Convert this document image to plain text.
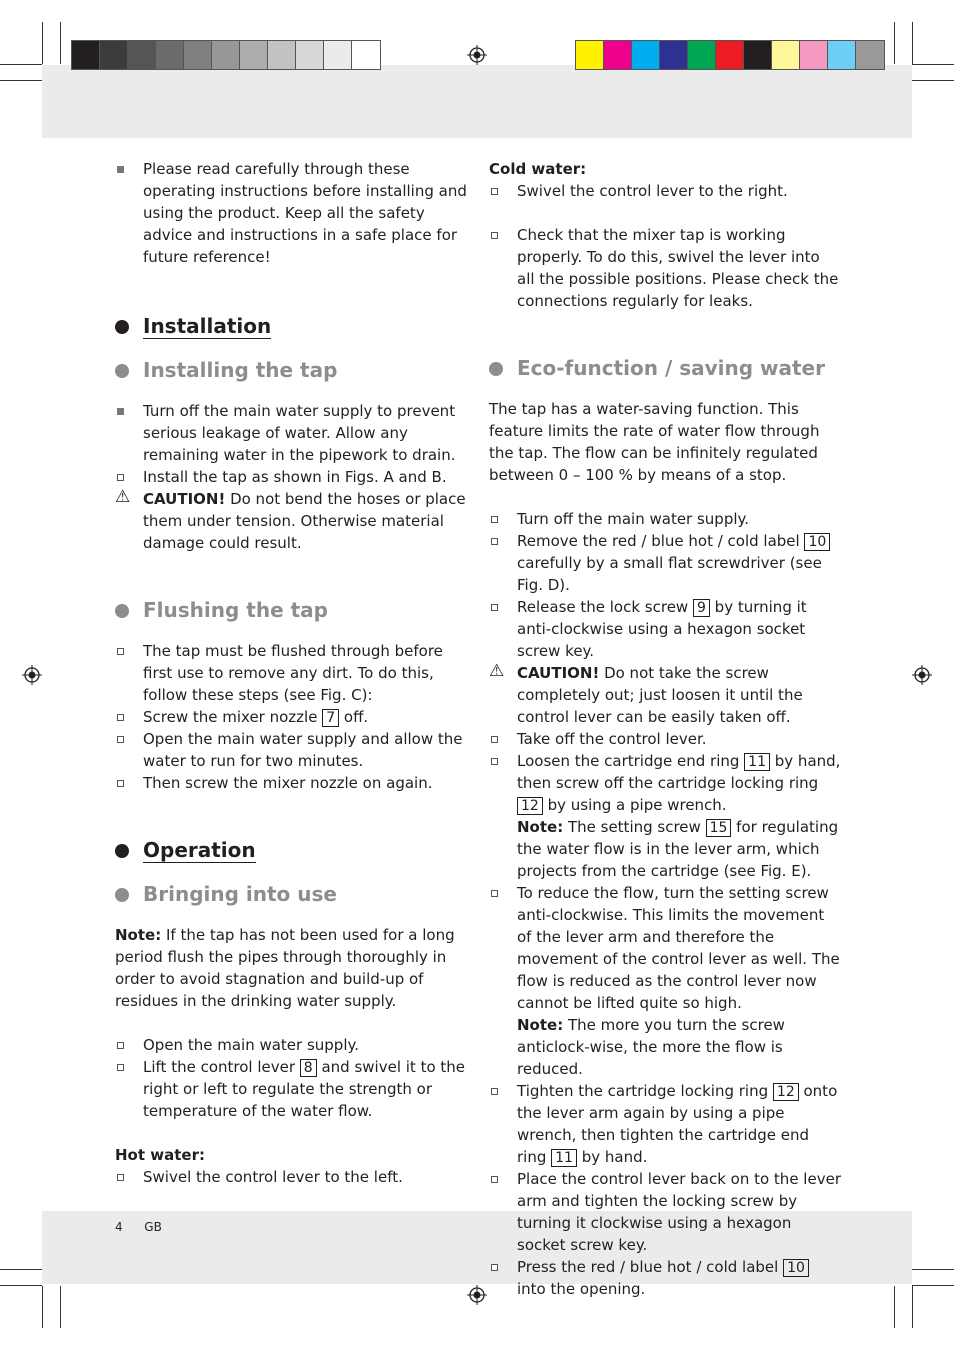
Please read carefully through these operating instructions before installing and using the product. Keep all the safety advice and instructions in a safe place for future reference!

Installation
Installing the tap

Turn off the main water supply to prevent serious leakage of water. Allow any remaining water in the pipework to drain.

Install the tap as shown in Figs. A and B.

⚠ CAUTION! Do not bend the hoses or place them under tension. Otherwise material damage could result.

Flushing the tap

The tap must be flushed through before first use to remove any dirt. To do this, follow these steps (see Fig. C):

Screw the mixer nozzle 7 off.

Open the main water supply and allow the water to run for two minutes.

Then screw the mixer nozzle on again.

Operation
Bringing into use

Note: If the tap has not been used for a long period flush the pipes through thoroughly in order to avoid stagnation and build-up of residues in the drinking water supply.

Open the main water supply.

Lift the control lever 8 and swivel it to the right or left to regulate the strength or temperature of the water flow.

Hot water:

Swivel the control lever to the left.

Cold water:

Swivel the control lever to the right.

Check that the mixer tap is working properly. To do this, swivel the lever into all the possible positions. Please check the connections regularly for leaks.

Eco-function / saving water

The tap has a water-saving function. This feature limits the rate of water flow through the tap. The flow can be infinitely regulated between 0 – 100 % by means of a stop.

Turn off the main water supply.

Remove the red / blue hot / cold label 10 carefully by a small flat screwdriver (see Fig. D).

Release the lock screw 9 by turning it anti-clockwise using a hexagon socket screw key.

⚠ CAUTION! Do not take the screw completely out; just loosen it until the control lever can be easily taken off.

Take off the control lever.

Loosen the cartridge end ring 11 by hand, then screw off the cartridge locking ring 12 by using a pipe wrench.
Note: The setting screw 15 for regulating the water flow is in the lever arm, which projects from the cartridge (see Fig. E).

To reduce the flow, turn the setting screw anti-clockwise. This limits the movement of the lever arm and therefore the movement of the control lever as well. The flow is reduced as the control lever now cannot be lifted quite so high.
Note: The more you turn the screw anticlock-wise, the more the flow is reduced.

Tighten the cartridge locking ring 12 onto the lever arm again by using a pipe wrench, then tighten the cartridge end ring 11 by hand.

Place the control lever back on to the lever arm and tighten the locking screw by turning it clockwise using a hexagon socket screw key.

Press the red / blue hot / cold label 10 into the opening.

4 GB
